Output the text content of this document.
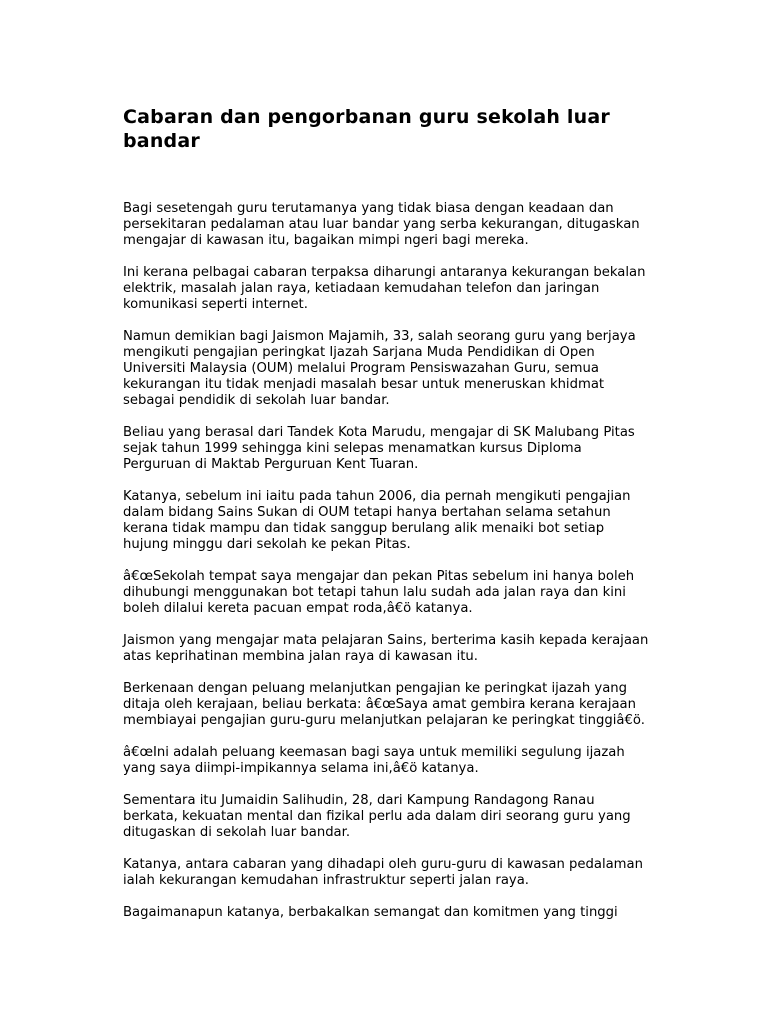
Cabaran dan pengorbanan guru sekolah luar bandar

Bagi sesetengah guru terutamanya yang tidak biasa dengan keadaan dan persekitaran pedalaman atau luar bandar yang serba kekurangan, ditugaskan mengajar di kawasan itu, bagaikan mimpi ngeri bagi mereka.

Ini kerana pelbagai cabaran terpaksa diharungi antaranya kekurangan bekalan elektrik, masalah jalan raya, ketiadaan kemudahan telefon dan jaringan komunikasi seperti internet.

Namun demikian bagi Jaismon Majamih, 33, salah seorang guru yang berjaya mengikuti pengajian peringkat Ijazah Sarjana Muda Pendidikan di Open Universiti Malaysia (OUM) melalui Program Pensiswazahan Guru, semua kekurangan itu tidak menjadi masalah besar untuk meneruskan khidmat sebagai pendidik di sekolah luar bandar.

Beliau yang berasal dari Tandek Kota Marudu, mengajar di SK Malubang Pitas sejak tahun 1999 sehingga kini selepas menamatkan kursus Diploma Perguruan di Maktab Perguruan Kent Tuaran.

Katanya, sebelum ini iaitu pada tahun 2006, dia pernah mengikuti pengajian dalam bidang Sains Sukan di OUM tetapi hanya bertahan selama setahun kerana tidak mampu dan tidak sanggup berulang alik menaiki bot setiap hujung minggu dari sekolah ke pekan Pitas.

â€œSekolah tempat saya mengajar dan pekan Pitas sebelum ini hanya boleh dihubungi menggunakan bot tetapi tahun lalu sudah ada jalan raya dan kini boleh dilalui kereta pacuan empat roda,â€ö katanya.

Jaismon yang mengajar mata pelajaran Sains, berterima kasih kepada kerajaan atas keprihatinan membina jalan raya di kawasan itu.

Berkenaan dengan peluang melanjutkan pengajian ke peringkat ijazah yang ditaja oleh kerajaan, beliau berkata: â€œSaya amat gembira kerana kerajaan membiayai pengajian guru-guru melanjutkan pelajaran ke peringkat tinggiâ€ö.

â€œIni adalah peluang keemasan bagi saya untuk memiliki segulung ijazah yang saya diimpi-impikannya selama ini,â€ö katanya.

Sementara itu Jumaidin Salihudin, 28, dari Kampung Randagong Ranau berkata, kekuatan mental dan fizikal perlu ada dalam diri seorang guru yang ditugaskan di sekolah luar bandar.

Katanya, antara cabaran yang dihadapi oleh guru-guru di kawasan pedalaman ialah kekurangan kemudahan infrastruktur seperti jalan raya.

Bagaimanapun katanya, berbakalkan semangat dan komitmen yang tinggi
